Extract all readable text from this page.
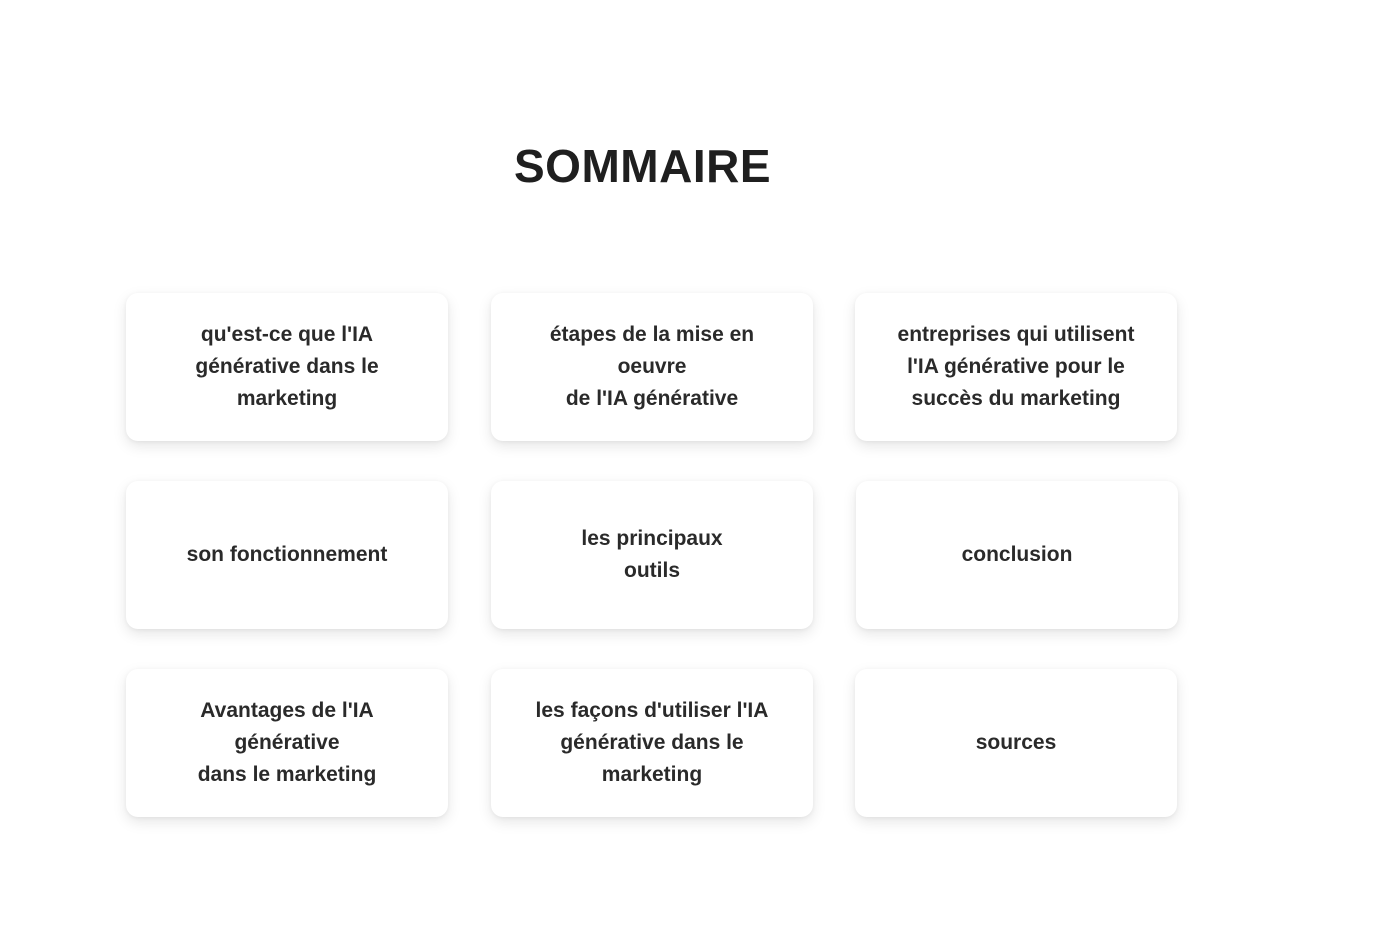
SOMMAIRE
qu'est-ce que l'IA
générative dans le
marketing
étapes de la mise en
oeuvre
de l'IA générative
entreprises qui utilisent
l'IA générative pour le
succès du marketing
son fonctionnement
les principaux
outils
conclusion
Avantages de l'IA
générative
dans le marketing
les façons d'utiliser l'IA
générative dans le
marketing
sources
